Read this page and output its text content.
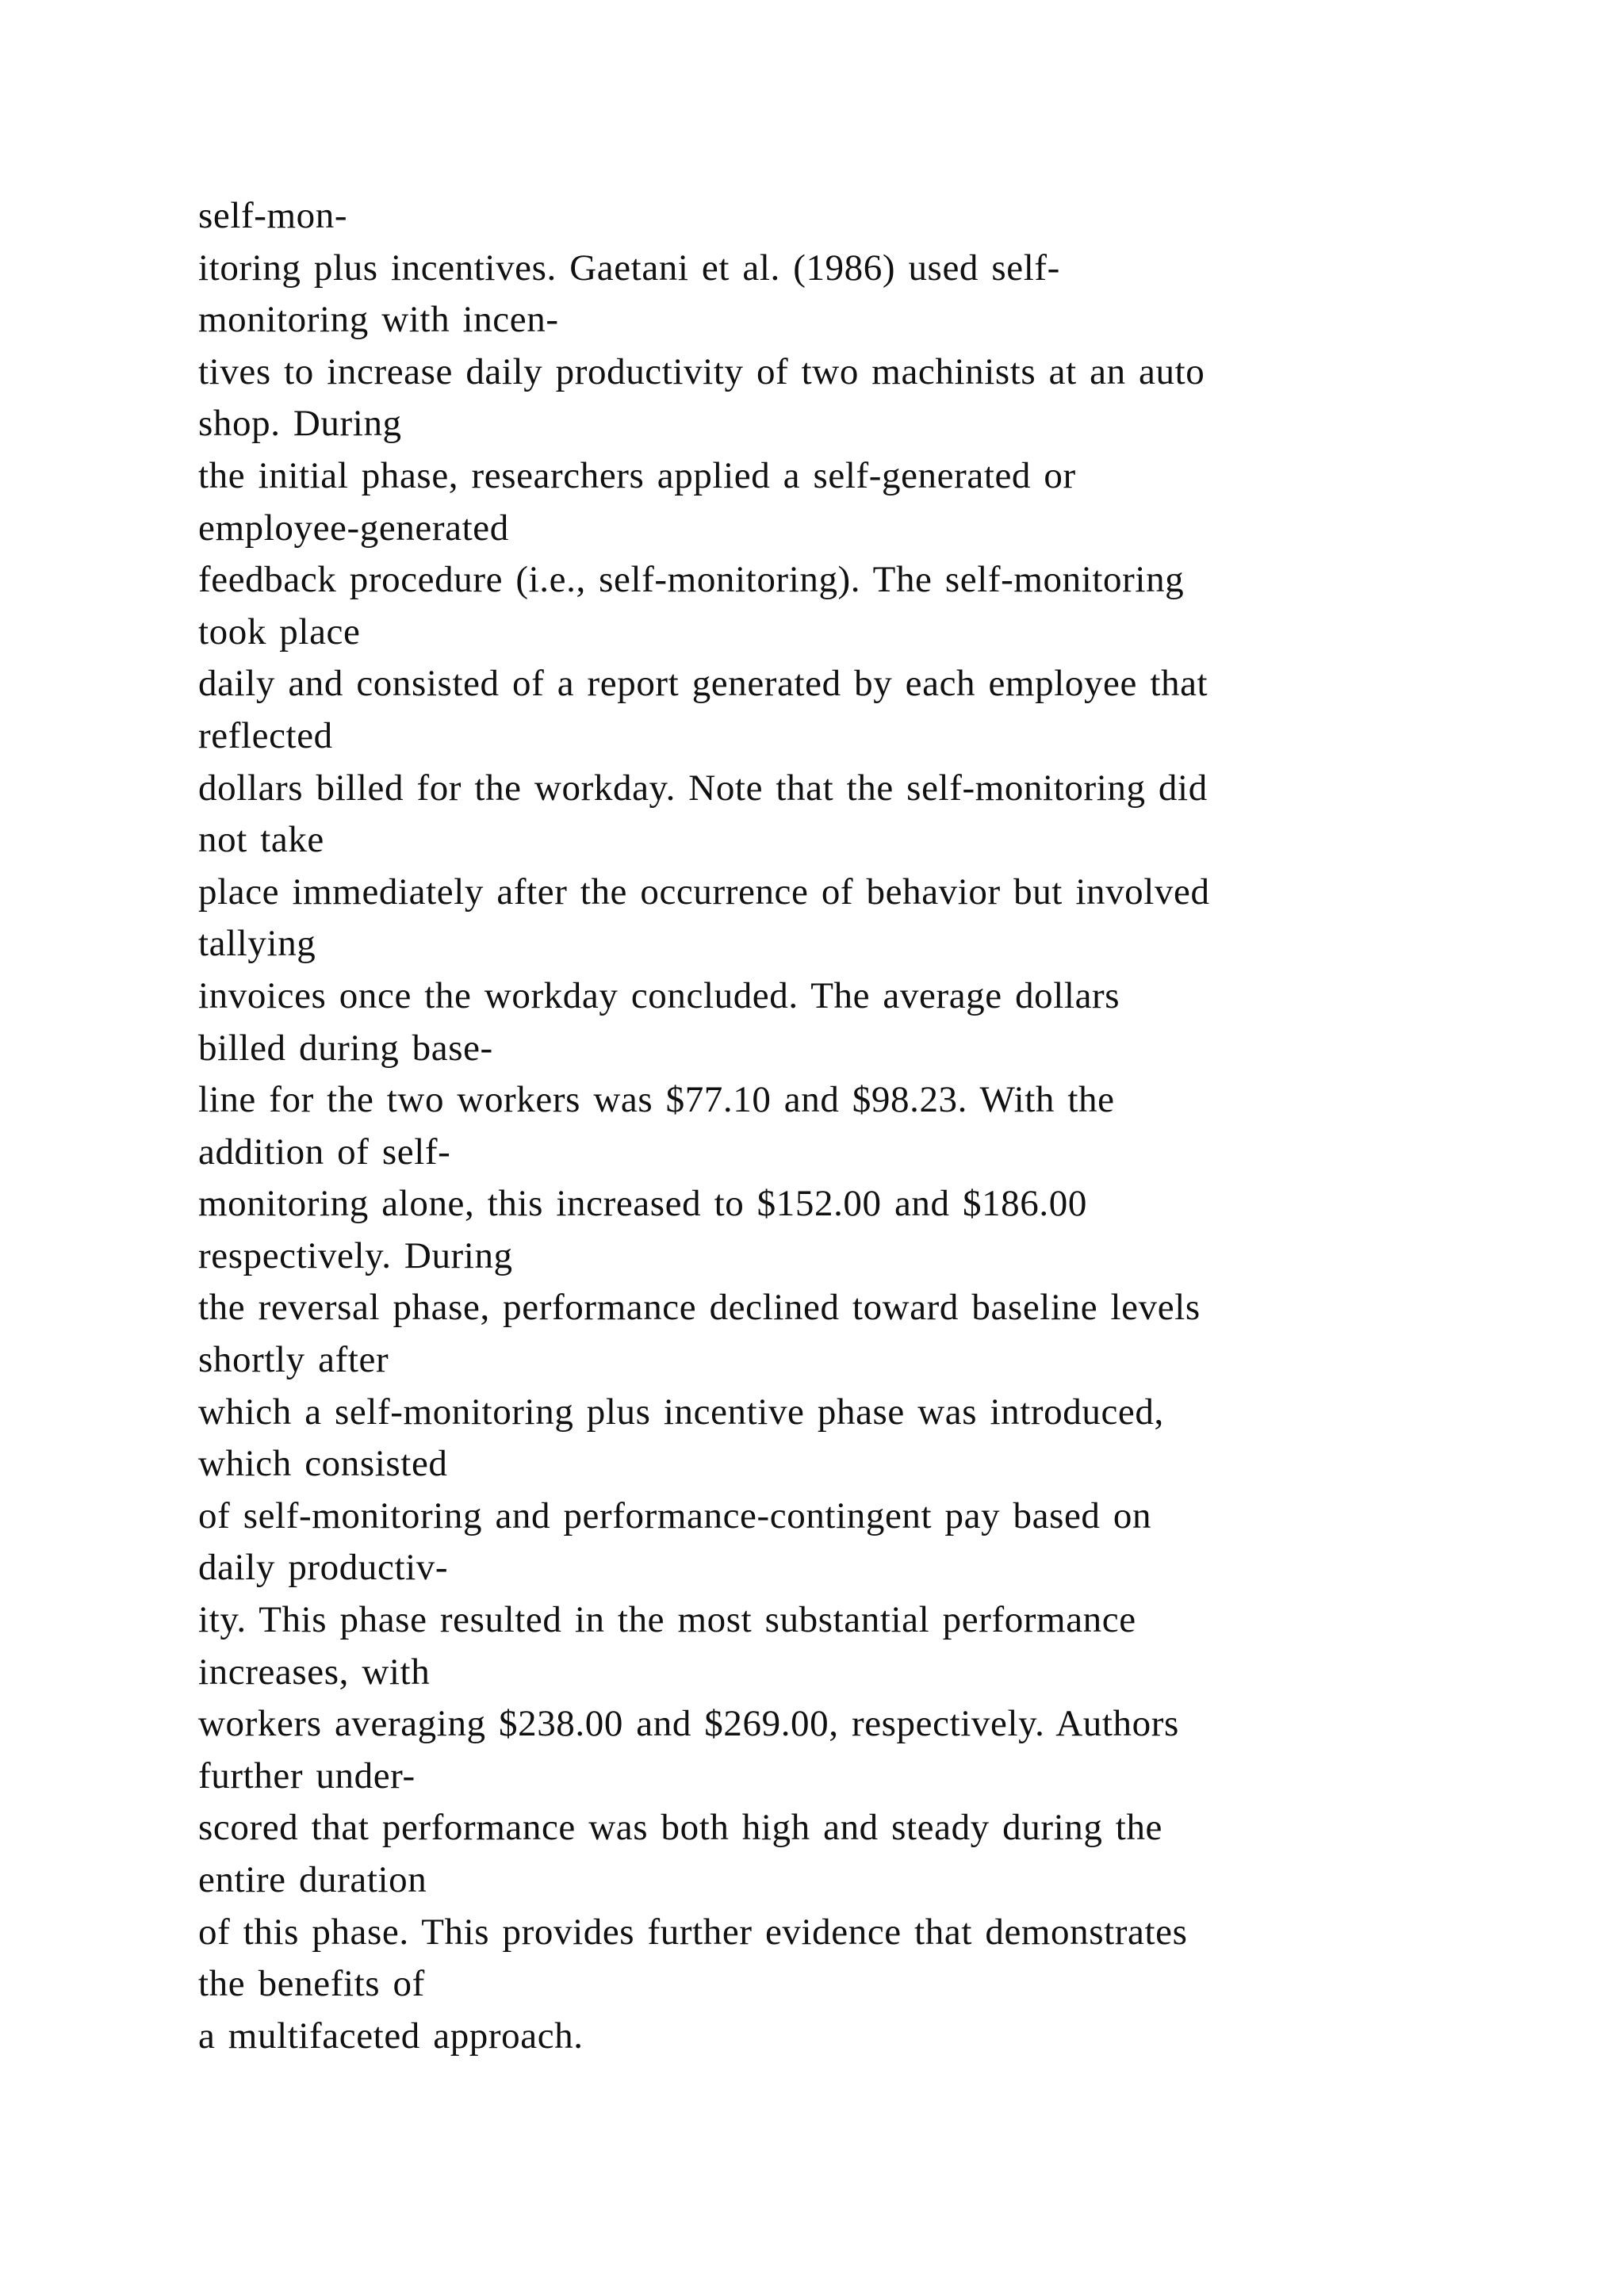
self-mon-
itoring plus incentives. Gaetani et al. (1986) used self-
monitoring with incen-
tives to increase daily productivity of two machinists at an auto
shop. During
the initial phase, researchers applied a self-generated or
employee-generated
feedback procedure (i.e., self-monitoring). The self-monitoring
took place
daily and consisted of a report generated by each employee that
reflected
dollars billed for the workday. Note that the self-monitoring did
not take
place immediately after the occurrence of behavior but involved
tallying
invoices once the workday concluded. The average dollars
billed during base-
line for the two workers was $77.10 and $98.23. With the
addition of self-
monitoring alone, this increased to $152.00 and $186.00
respectively. During
the reversal phase, performance declined toward baseline levels
shortly after
which a self-monitoring plus incentive phase was introduced,
which consisted
of self-monitoring and performance-contingent pay based on
daily productiv-
ity. This phase resulted in the most substantial performance
increases, with
workers averaging $238.00 and $269.00, respectively. Authors
further under-
scored that performance was both high and steady during the
entire duration
of this phase. This provides further evidence that demonstrates
the benefits of
a multifaceted approach.
